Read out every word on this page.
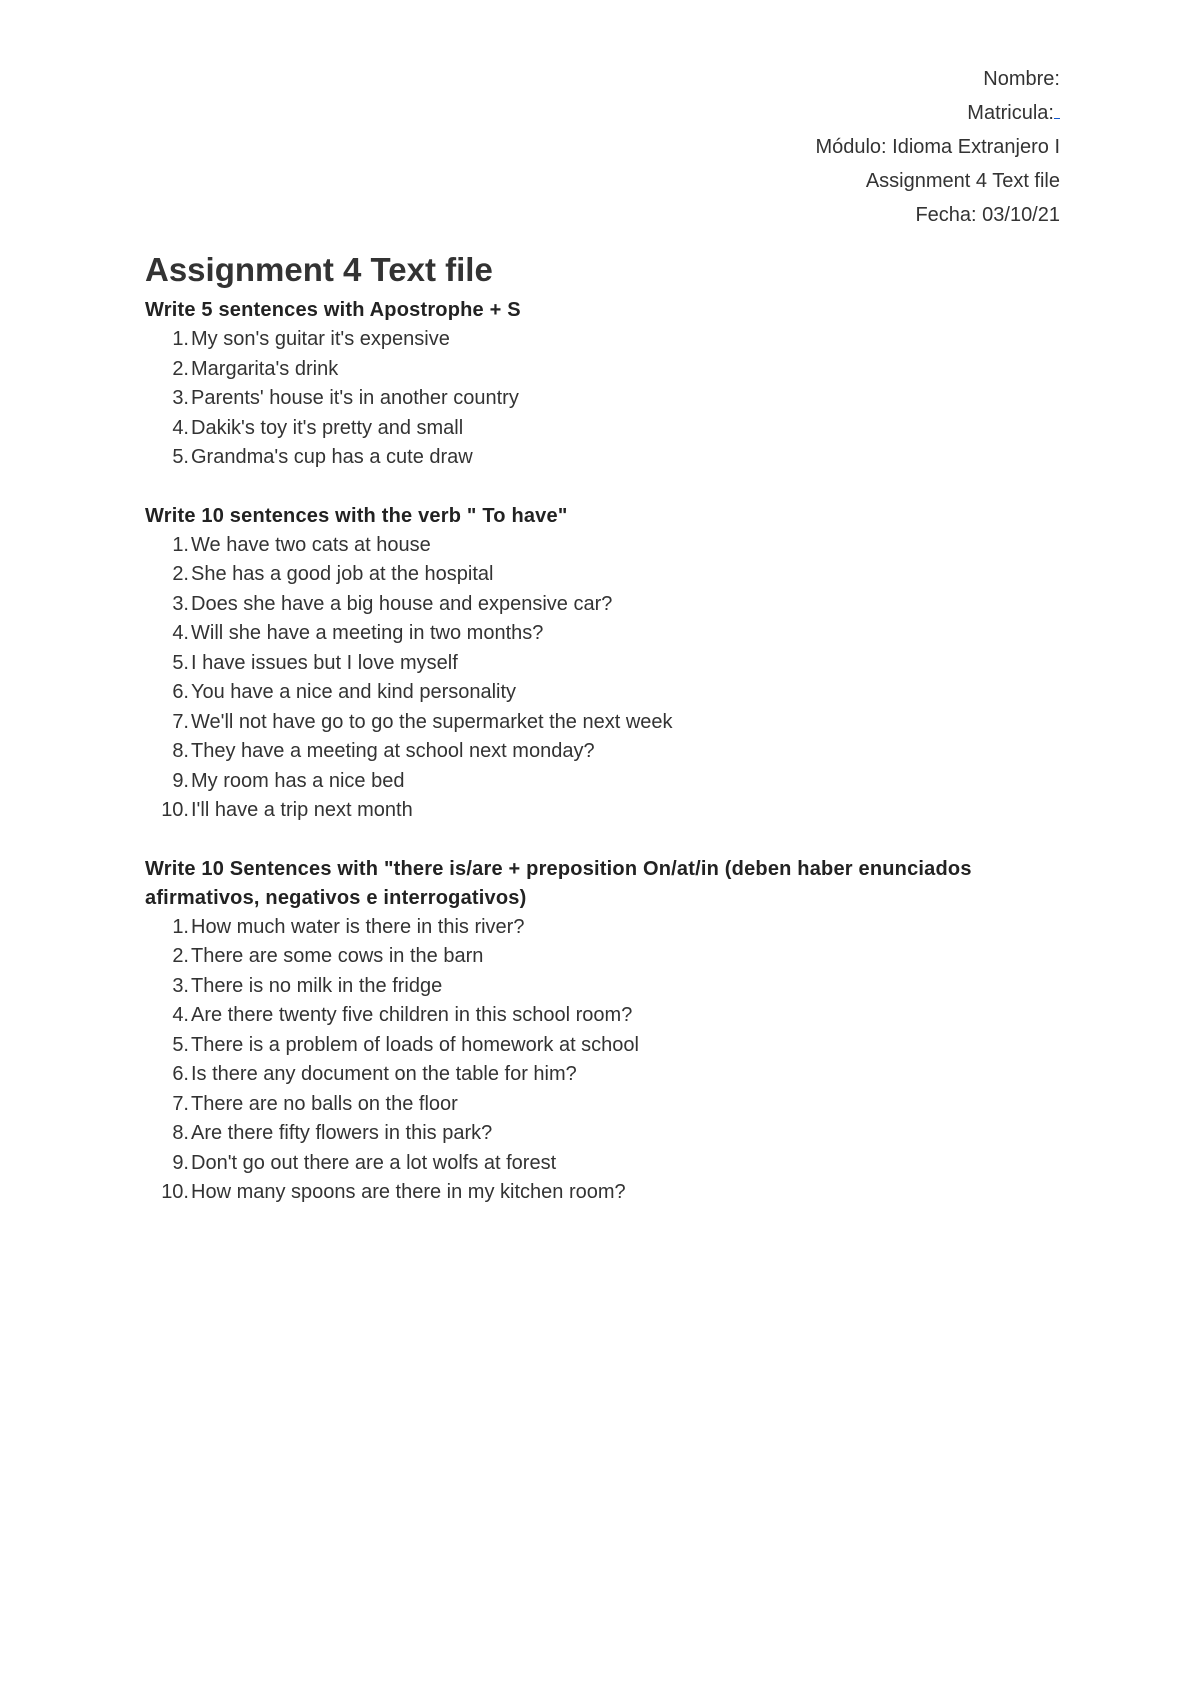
Nombre:
Matricula:
Módulo: Idioma Extranjero I
Assignment 4 Text file
Fecha: 03/10/21
Assignment 4 Text file

Write 5 sentences with Apostrophe + S

1. My son's guitar it's expensive
2. Margarita's drink
3. Parents' house it's in another country
4. Dakik's toy it's pretty and small
5. Grandma's cup has a cute draw

Write 10 sentences with the verb " To have"

1. We have two cats at house
2. She has a good job at the hospital
3. Does she have a big house and expensive car?
4. Will she have a meeting in two months?
5. I have issues but I love myself
6. You have a nice and kind personality
7. We'll not have go to go the supermarket the next week
8. They have a meeting at school next monday?
9. My room has a nice bed
10. I'll have a trip next month

Write 10 Sentences with "there is/are + preposition On/at/in (deben haber enunciados afirmativos, negativos e interrogativos)

1. How much water is there in this river?
2. There are some cows in the barn
3. There is no milk in the fridge
4. Are there twenty five children in this school room?
5. There is a problem of loads of homework at school
6. Is there any document on the table for him?
7. There are no balls on the floor
8. Are there fifty flowers in this park?
9. Don't go out there are a lot wolfs at forest
10. How many spoons are there in my kitchen room?
